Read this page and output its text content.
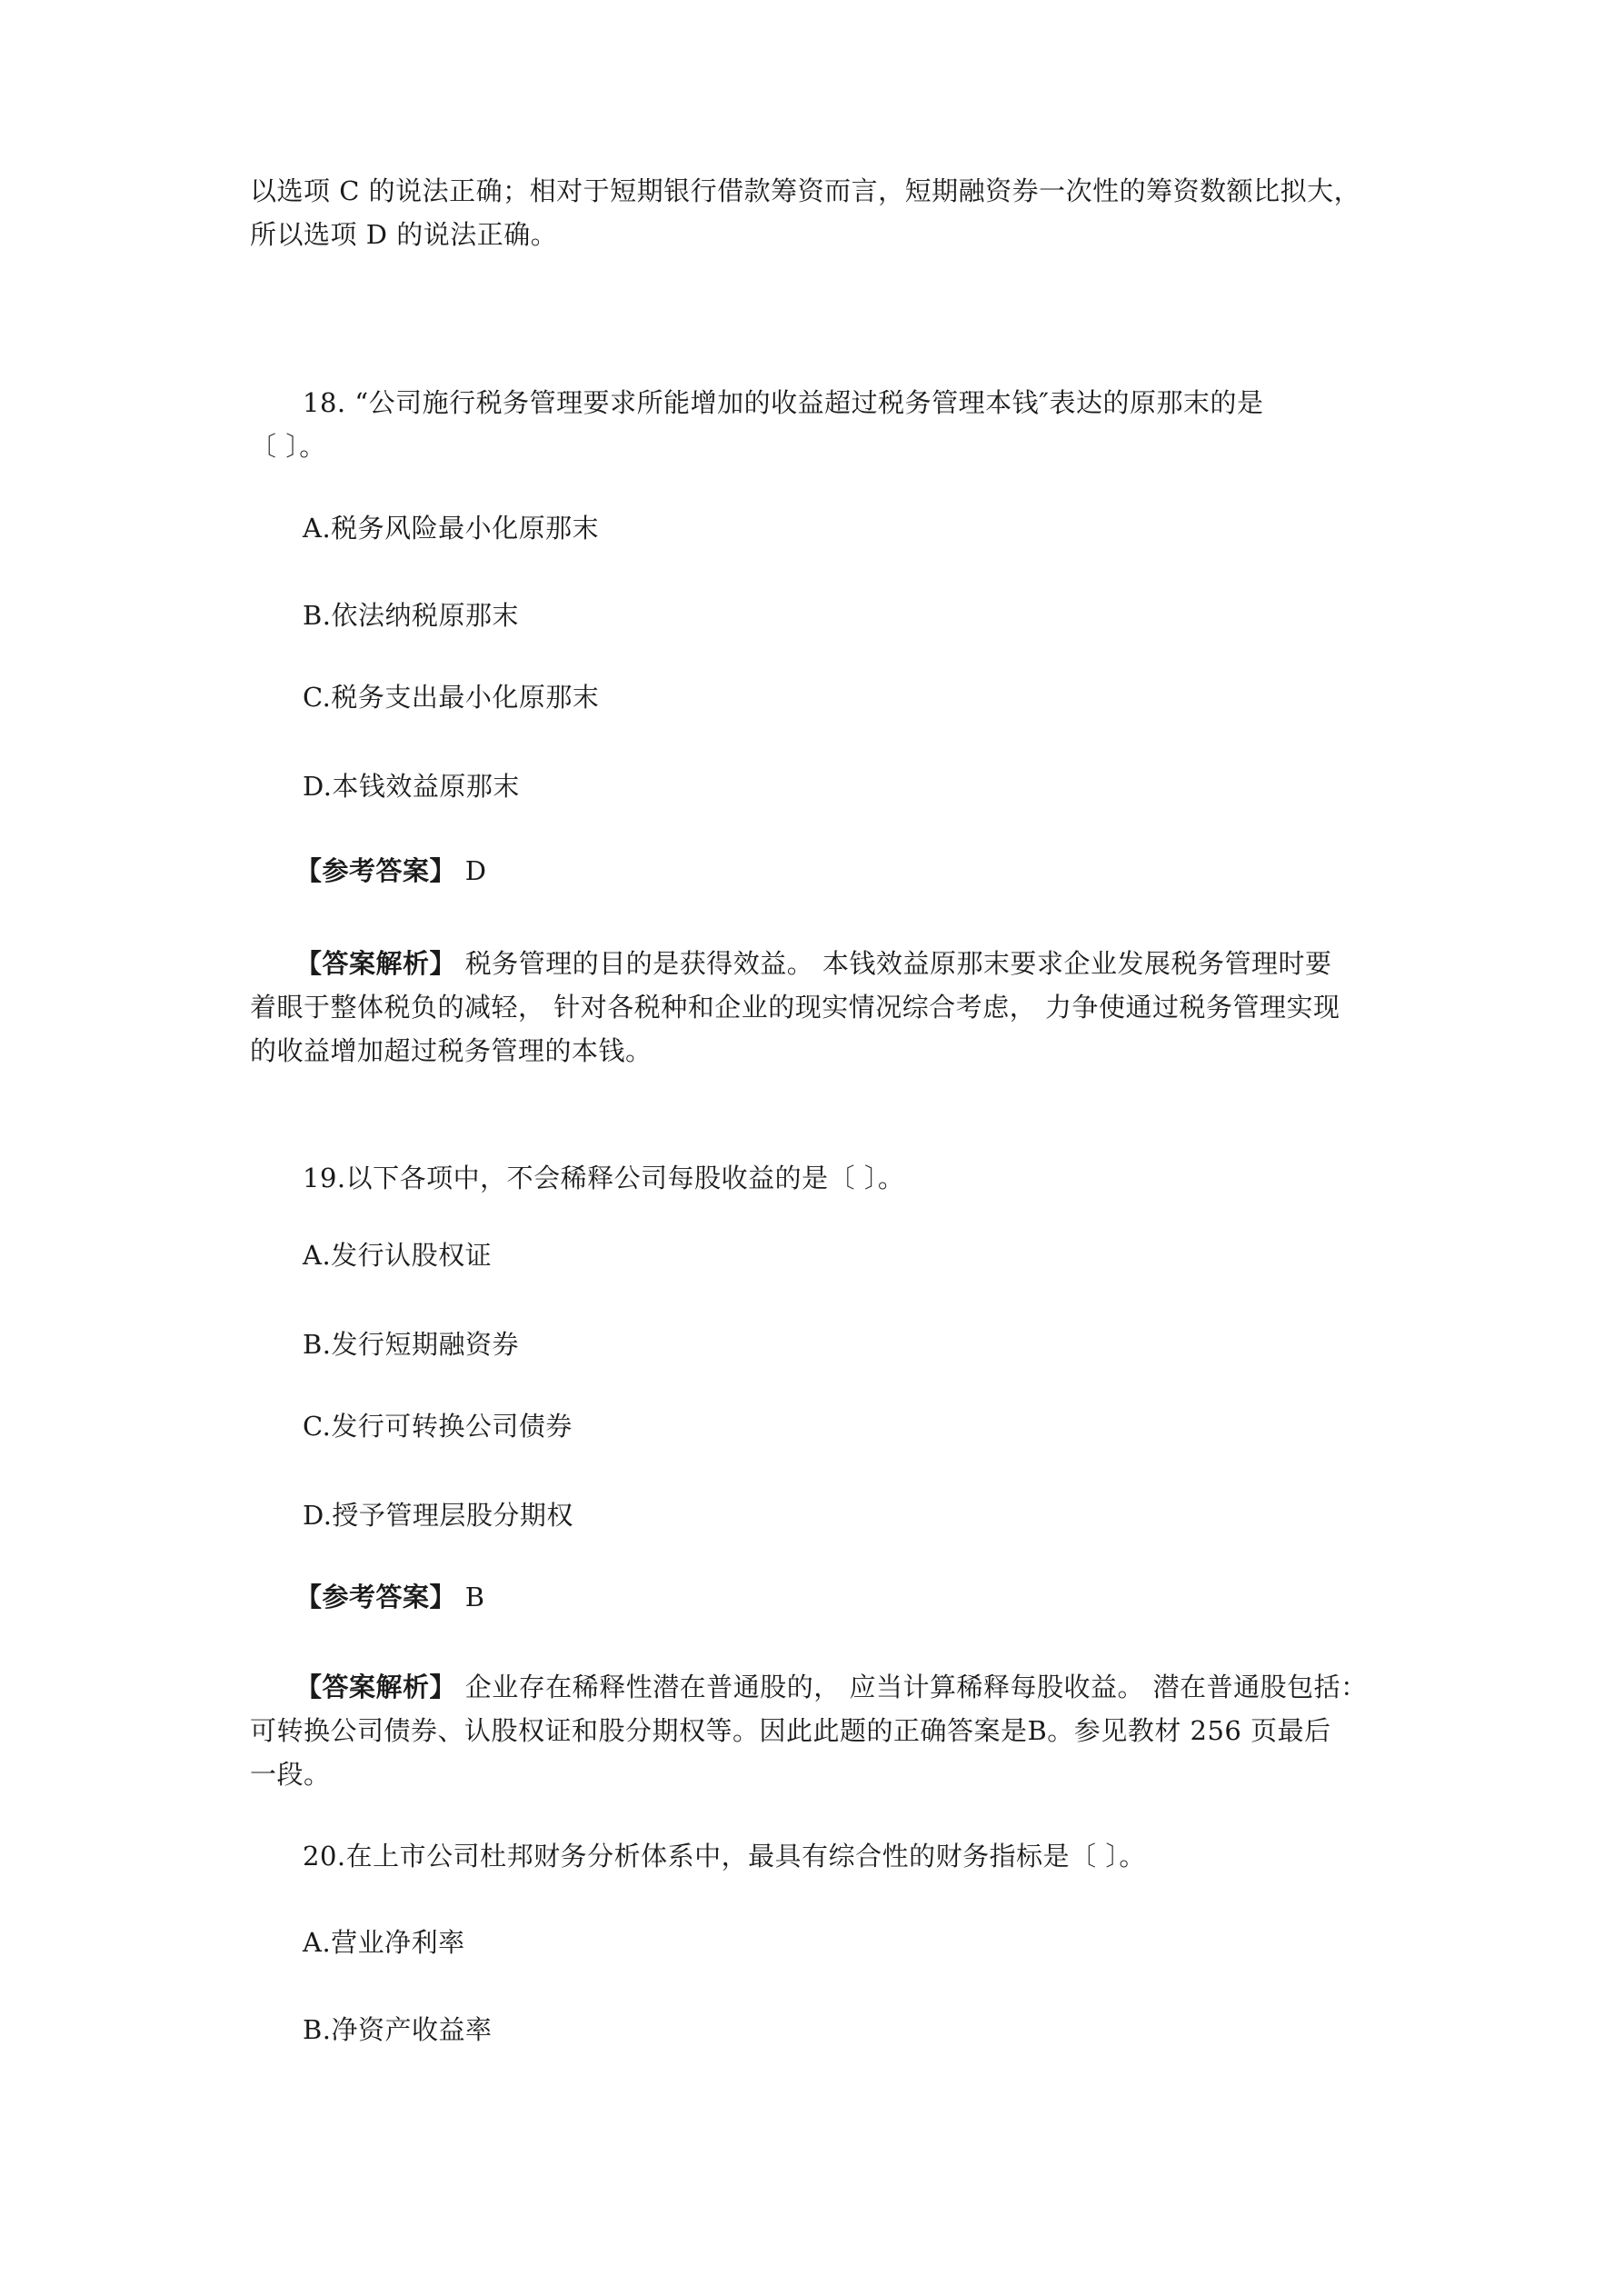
以选项 C 的说法正确；相对于短期银行借款筹资而言，短期融资券一次性的筹资数额比拟大，
所以选项 D 的说法正确。
18. “公司施行税务管理要求所能增加的收益超过税务管理本钱″表达的原那末的是
〔 〕。
A.税务风险最小化原那末
B.依法纳税原那末
C.税务支出最小化原那末
D.本钱效益原那末
【参考答案】 D
【答案解析】 税务管理的目的是获得效益。 本钱效益原那末要求企业发展税务管理时要
着眼于整体税负的减轻， 针对各税种和企业的现实情况综合考虑， 力争使通过税务管理实现
的收益增加超过税务管理的本钱。
19.以下各项中，不会稀释公司每股收益的是〔 〕。
A.发行认股权证
B.发行短期融资券
C.发行可转换公司债券
D.授予管理层股分期权
【参考答案】 B
【答案解析】 企业存在稀释性潜在普通股的， 应当计算稀释每股收益。 潜在普通股包括：
可转换公司债券、认股权证和股分期权等。因此此题的正确答案是B。参见教材 256 页最后
一段。
20.在上市公司杜邦财务分析体系中，最具有综合性的财务指标是〔 〕。
A.营业净利率
B.净资产收益率
